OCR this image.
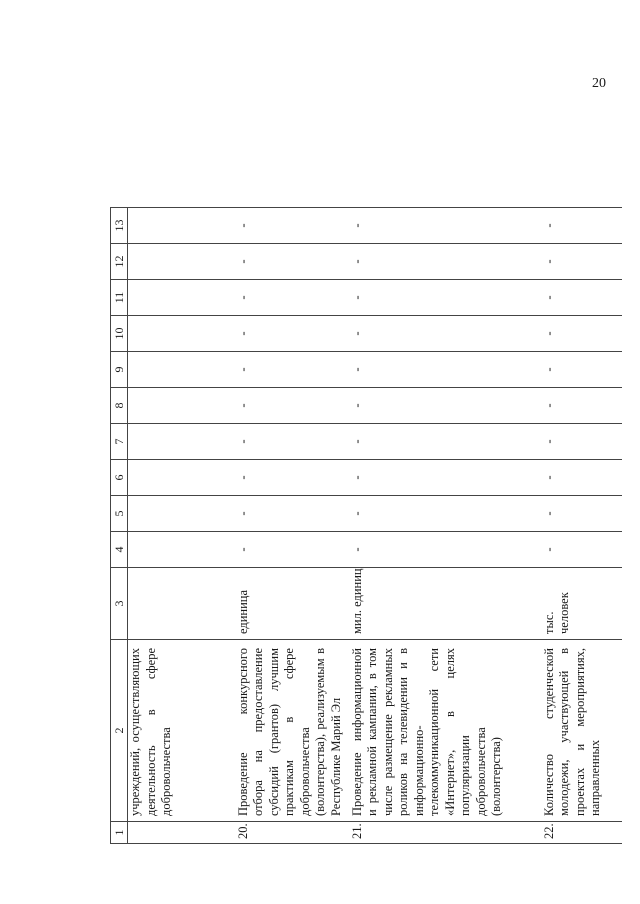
20
1	2	3	4	5	6	7	8	9	10	11	12	13

	учреждений, осуществляющих деятельность в сфере добровольчества											

20.	Проведение конкурсного отбора на предоставление субсидий (грантов) лучшим практикам в сфере добровольчества (волонтерства), реализуемым в Республике Марий Эл	единица	-	-	-	-	-	-	-	-	-	-
21.	Проведение информационной и рекламной кампании, в том числе размещение рекламных роликов на телевидении и в информационно-телекоммуникационной сети «Интернет», в целях популяризации добровольчества (волонтерства)	мил. единиц	-	-	-	-	-	-	-	-	-	-
22.	Количество студенческой молодежи, участвующей в проектах и мероприятиях, направленных	тыс. человек	-	-	-	-	-	-	-	-	-	-
